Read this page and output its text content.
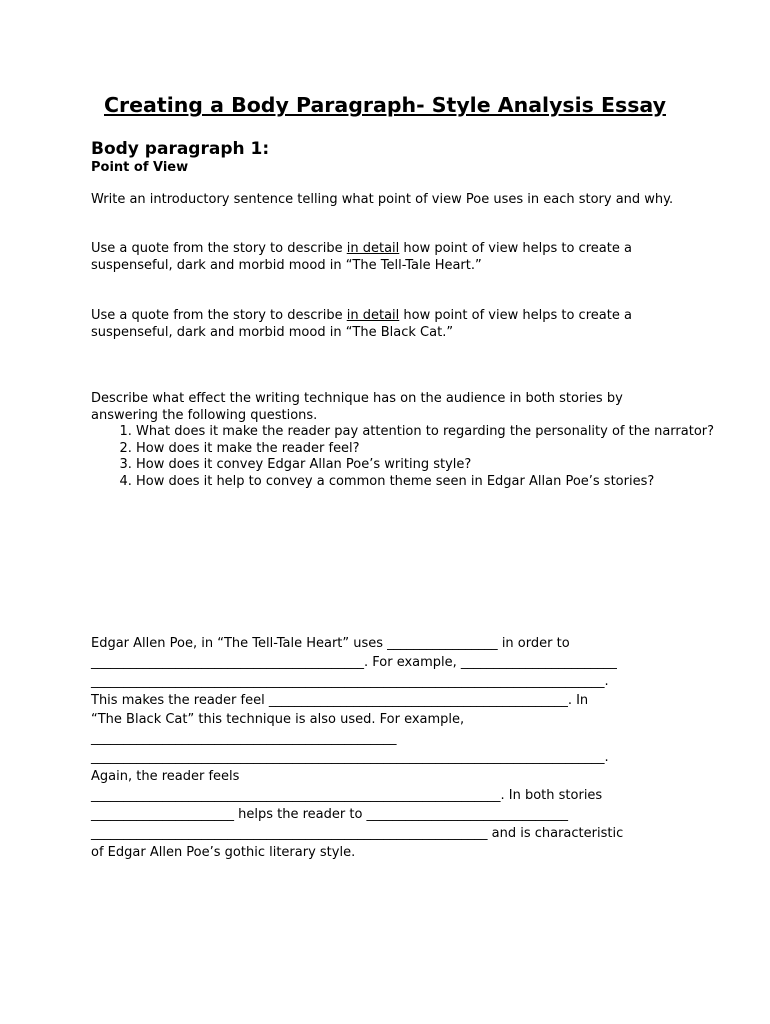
Creating a Body Paragraph- Style Analysis Essay
Body paragraph 1:
Point of View

Write an introductory sentence telling what point of view Poe uses in each story and why.

Use a quote from the story to describe in detail how point of view helps to create a suspenseful, dark and morbid mood in “The Tell-Tale Heart.”

Use a quote from the story to describe in detail how point of view helps to create a suspenseful, dark and morbid mood in “The Black Cat.”

Describe what effect the writing technique has on the audience in both stories by answering the following questions.

1. What does it make the reader pay attention to regarding the personality of the narrator?
2. How does it make the reader feel?
3. How does it convey Edgar Allan Poe’s writing style?
4. How does it help to convey a common theme seen in Edgar Allan Poe’s stories?
Edgar Allen Poe, in “The Tell-Tale Heart” uses _________________ in order to
__________________________________________. For example, ________________________
_______________________________________________________________________________.
This makes the reader feel ______________________________________________. In
“The Black Cat” this technique is also used. For example,
_______________________________________________
_______________________________________________________________________________.
Again, the reader feels
_______________________________________________________________. In both stories
______________________ helps the reader to _______________________________
_____________________________________________________________ and is characteristic
of Edgar Allen Poe’s gothic literary style.
